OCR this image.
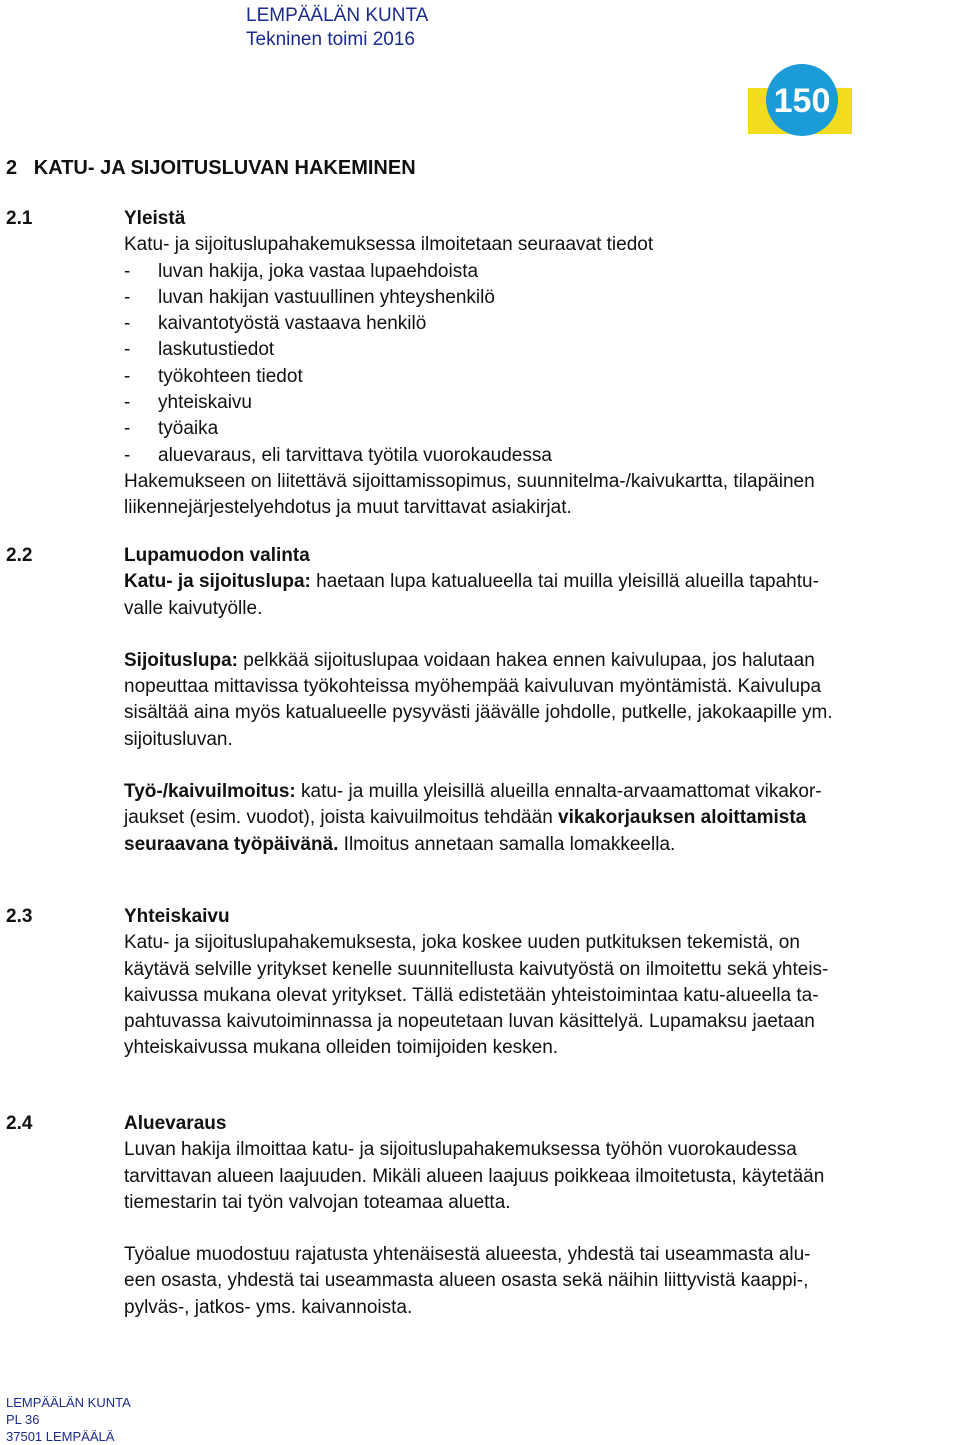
LEMPÄÄLÄN KUNTA
Tekninen toimi 2016
150
2   KATU- JA SIJOITUSLUVAN HAKEMINEN
2.1	Yleistä

Katu- ja sijoituslupahakemuksessa ilmoitetaan seuraavat tiedot

- luvan hakija, joka vastaa lupaehdoista

- luvan hakijan vastuullinen yhteyshenkilö

- kaivantotyöstä vastaava henkilö

- laskutustiedot

- työkohteen tiedot

- yhteiskaivu

- työaika

- aluevaraus, eli tarvittava työtila vuorokaudessa

Hakemukseen on liitettävä sijoittamissopimus, suunnitelma-/kaivukartta, tilapäinen

liikennejärjestelyehdotus ja muut tarvittavat asiakirjat.

2.2	Lupamuodon valinta

Katu- ja sijoituslupa: haetaan lupa katualueella tai muilla yleisillä alueilla tapahtu-

valle kaivutyölle.

Sijoituslupa: pelkkää sijoituslupaa voidaan hakea ennen kaivulupaa, jos halutaan

nopeuttaa mittavissa työkohteissa myöhempää kaivuluvan myöntämistä. Kaivulupa

sisältää aina myös katualueelle pysyvästi jäävälle johdolle, putkelle, jakokaapille ym.

sijoitusluvan.

Työ-/kaivuilmoitus: katu- ja muilla yleisillä alueilla ennalta-arvaamattomat vikakor-

jaukset (esim. vuodot), joista kaivuilmoitus tehdään vikakorjauksen aloittamista

seuraavana työpäivänä. Ilmoitus annetaan samalla lomakkeella.

2.3	Yhteiskaivu

Katu- ja sijoituslupahakemuksesta, joka koskee uuden putkituksen tekemistä, on

käytävä selville yritykset kenelle suunnitellusta kaivutyöstä on ilmoitettu sekä yhteis-

kaivussa mukana olevat yritykset. Tällä edistetään yhteistoimintaa katu-alueella ta-

pahtuvassa kaivutoiminnassa ja nopeutetaan luvan käsittelyä. Lupamaksu jaetaan

yhteiskaivussa mukana olleiden toimijoiden kesken.

2.4	Aluevaraus

Luvan hakija ilmoittaa katu- ja sijoituslupahakemuksessa työhön vuorokaudessa

tarvittavan alueen laajuuden. Mikäli alueen laajuus poikkeaa ilmoitetusta, käytetään

tiemestarin tai työn valvojan toteamaa aluetta.

Työalue muodostuu rajatusta yhtenäisestä alueesta, yhdestä tai useammasta alu-

een osasta, yhdestä tai useammasta alueen osasta sekä näihin liittyvistä kaappi-,

pylväs-, jatkos- yms. kaivannoista.

LEMPÄÄLÄN KUNTA
PL 36
37501 LEMPÄÄLÄ
